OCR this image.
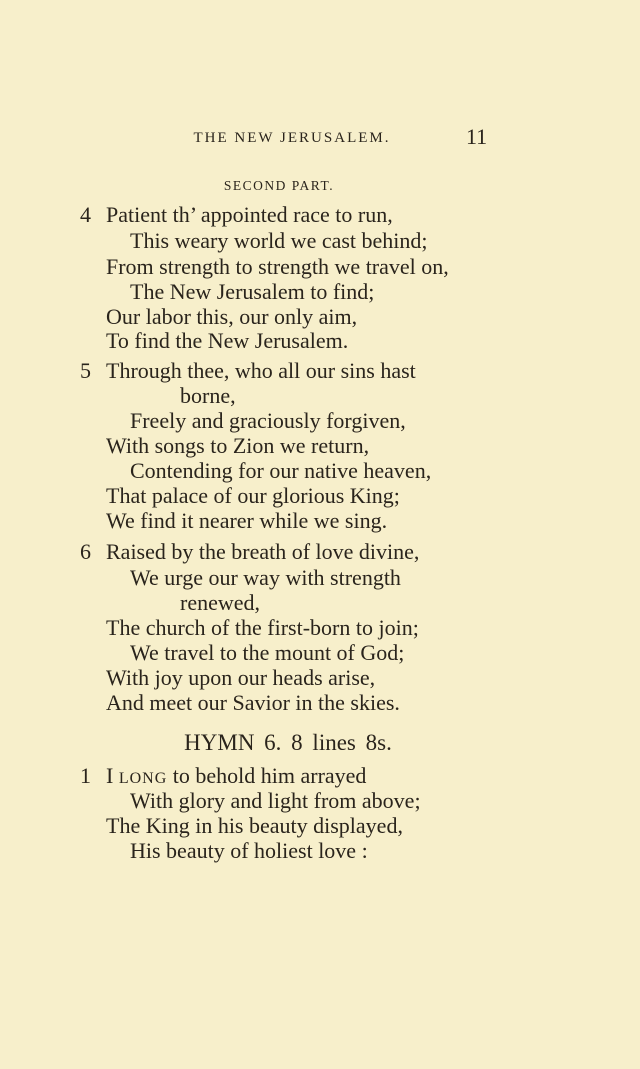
THE NEW JERUSALEM.	11
SECOND PART.
4 Patient th’ appointed race to run,
This weary world we cast behind;
From strength to strength we travel on,
The New Jerusalem to find;
Our labor this, our only aim,
To find the New Jerusalem.
5 Through thee, who all our sins hast
borne,
Freely and graciously forgiven,
With songs to Zion we return,
Contending for our native heaven,
That palace of our glorious King;
We find it nearer while we sing.
6 Raised by the breath of love divine,
We urge our way with strength
renewed,
The church of the first-born to join;
We travel to the mount of God;
With joy upon our heads arise,
And meet our Savior in the skies.
HYMN 6. 8 lines 8s.
1 I LONG to behold him arrayed
With glory and light from above;
The King in his beauty displayed,
His beauty of holiest love :
